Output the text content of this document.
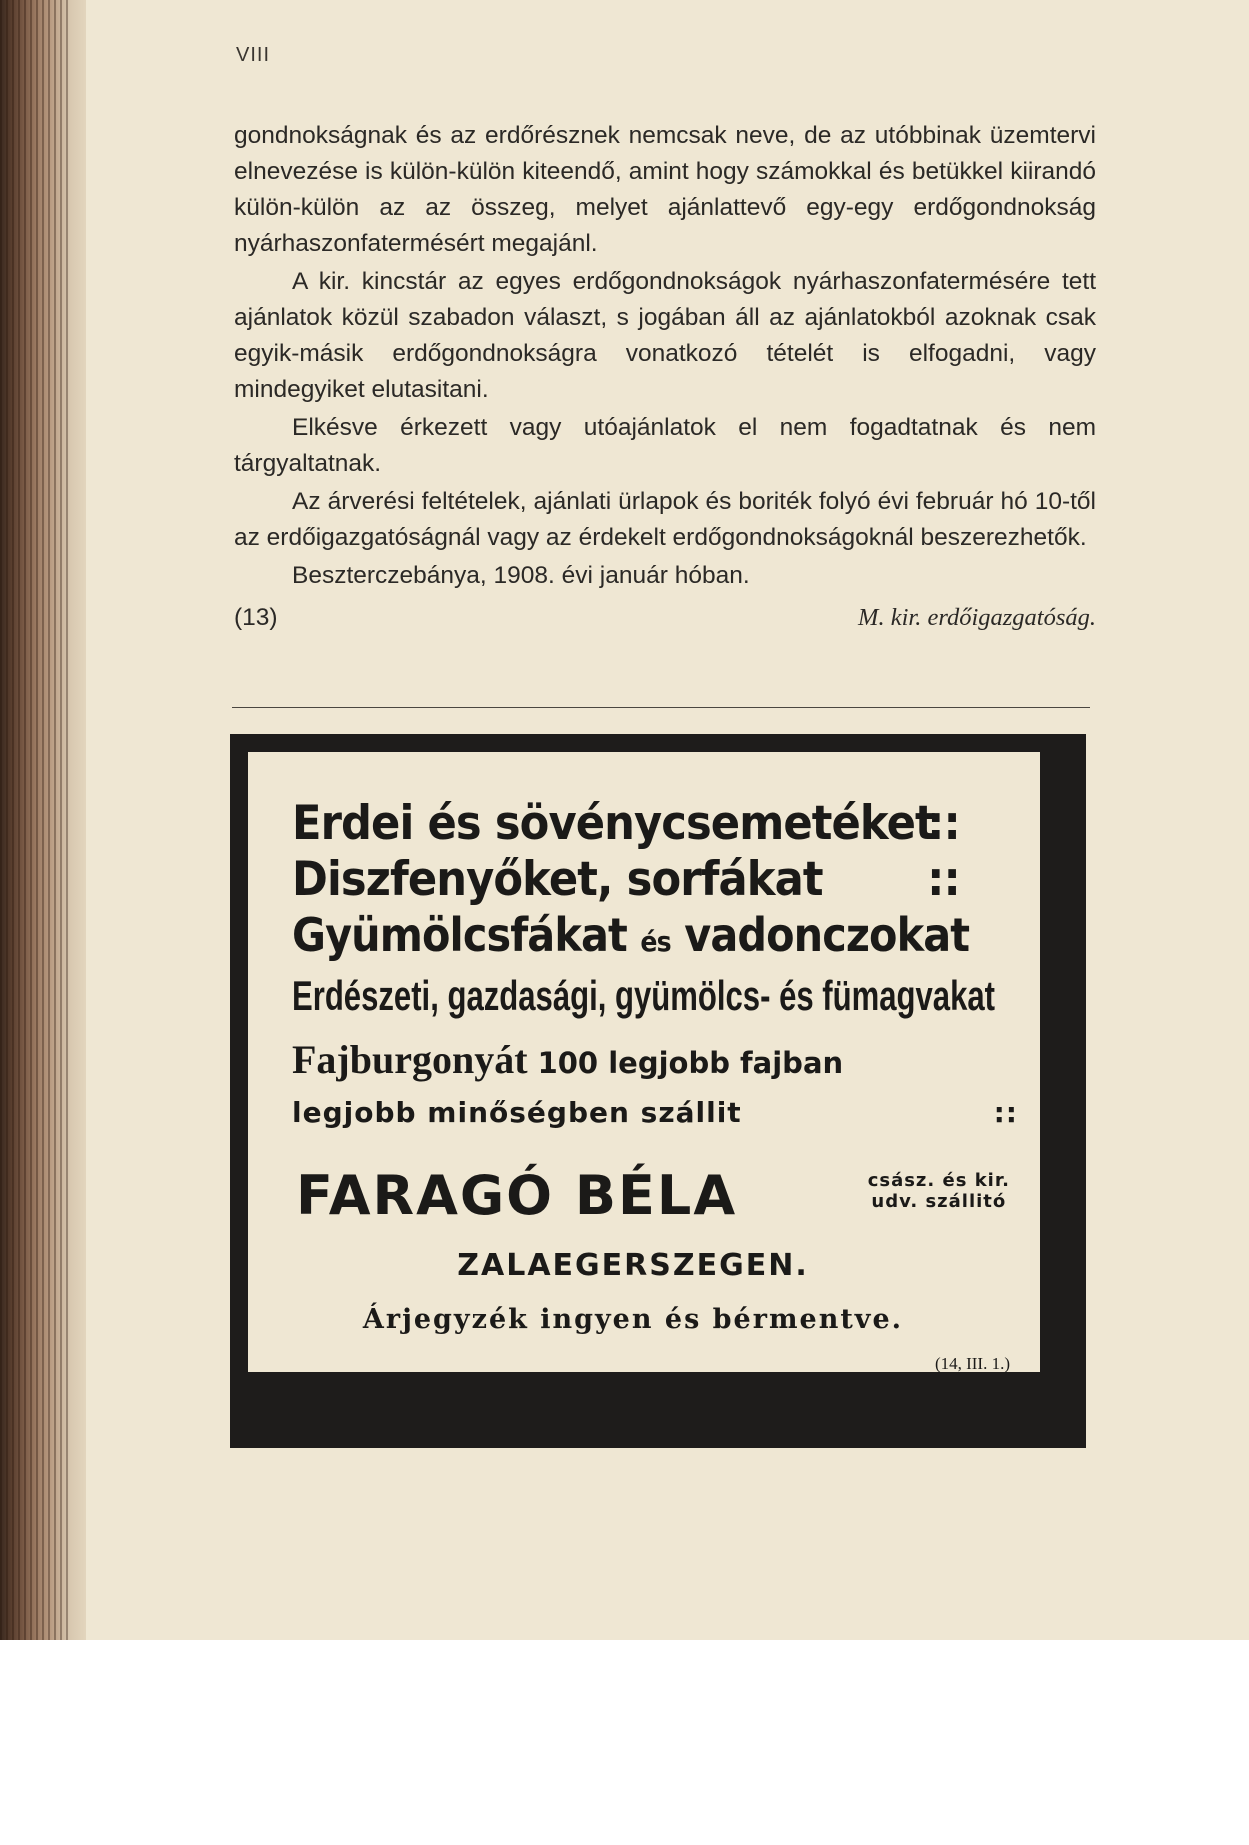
VIII

gondnokságnak és az erdőrésznek nemcsak neve, de az utóbbinak üzemtervi elnevezése is külön-külön kiteendő, amint hogy számokkal és betükkel kiirandó külön-külön az az összeg, melyet ajánlattevő egy-egy erdőgondnokság nyárhaszonfatermésért megajánl.

A kir. kincstár az egyes erdőgondnokságok nyárhaszonfatermésére tett ajánlatok közül szabadon választ, s jogában áll az ajánlatokból azoknak csak egyik-másik erdőgondnokságra vonatkozó tételét is elfogadni, vagy mindegyiket elutasitani.

Elkésve érkezett vagy utóajánlatok el nem fogadtatnak és nem tárgyaltatnak.

Az árverési feltételek, ajánlati ürlapok és boriték folyó évi február hó 10-től az erdőigazgatóságnál vagy az érdekelt erdőgondnokságoknál beszerezhetők.

Beszterczebánya, 1908. évi január hóban.

(13)	M. kir. erdőigazgatóság.
Erdei és sövénycsemetéket
::
Diszfenyőket, sorfákat ::
Gyümölcsfákat és vadonczokat
Erdészeti, gazdasági, gyümölcs- és fümagvakat
Fajburgonyát 100 legjobb fajban
legjobb minőségben szállit	::
FARAGÓ BÉLA	csász. és kir.
udv. szállitó
ZALAEGERSZEGEN.
Árjegyzék ingyen és bérmentve.
(14, III. 1.)
